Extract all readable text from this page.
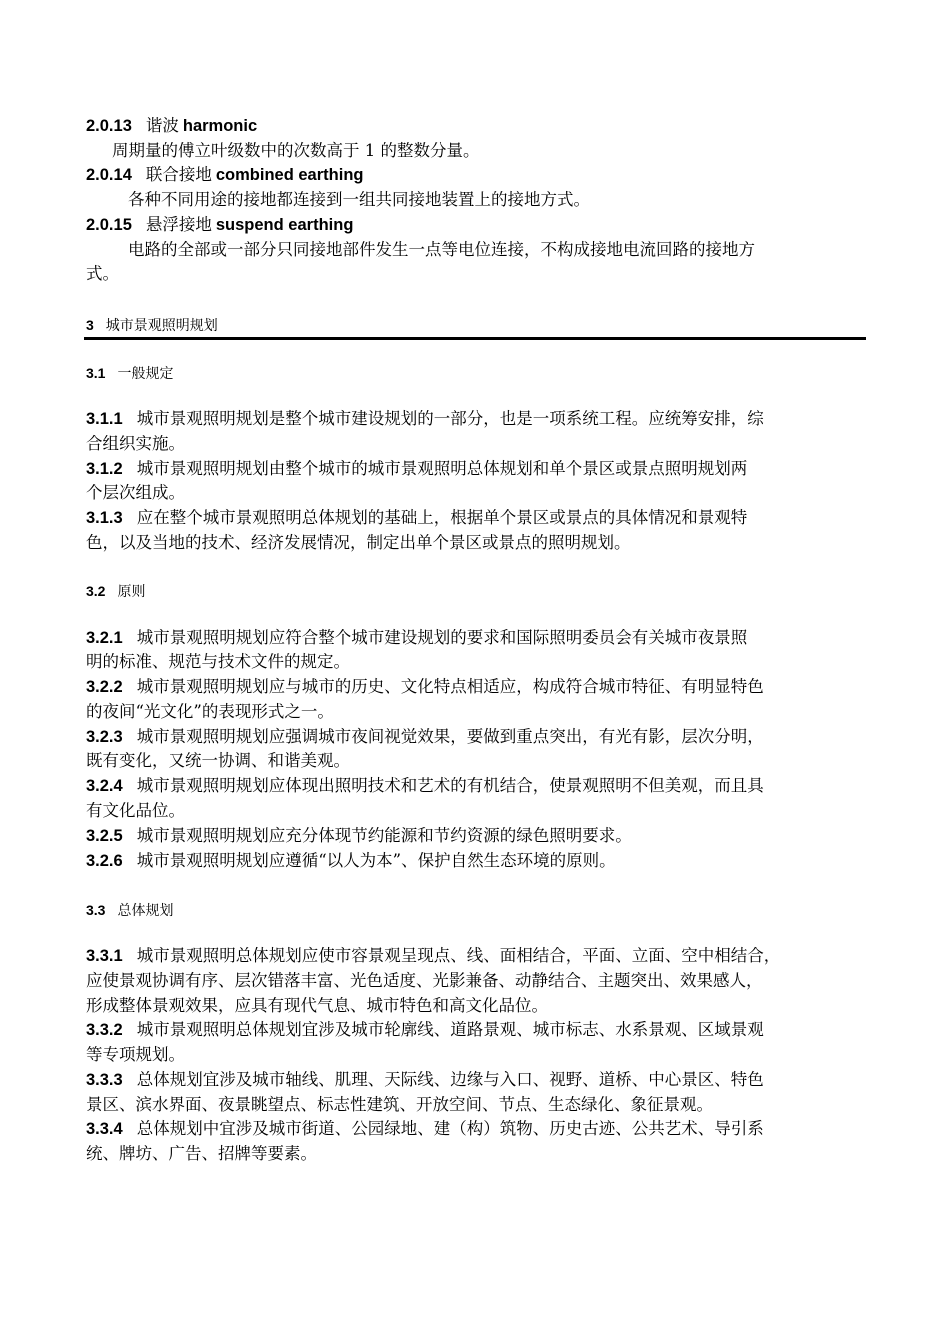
2.0.13 谐波 harmonic
周期量的傅立叶级数中的次数高于 1 的整数分量。
2.0.14 联合接地 combined earthing
各种不同用途的接地都连接到一组共同接地装置上的接地方式。
2.0.15 悬浮接地 suspend earthing
电路的全部或一部分只同接地部件发生一点等电位连接，不构成接地电流回路的接地方
式。
3 城市景观照明规划
3.1 一般规定
3.1.1 城市景观照明规划是整个城市建设规划的一部分，也是一项系统工程。应统筹安排，综
合组织实施。
3.1.2 城市景观照明规划由整个城市的城市景观照明总体规划和单个景区或景点照明规划两
个层次组成。
3.1.3 应在整个城市景观照明总体规划的基础上，根据单个景区或景点的具体情况和景观特
色，以及当地的技术、经济发展情况，制定出单个景区或景点的照明规划。
3.2 原则
3.2.1 城市景观照明规划应符合整个城市建设规划的要求和国际照明委员会有关城市夜景照
明的标准、规范与技术文件的规定。
3.2.2 城市景观照明规划应与城市的历史、文化特点相适应，构成符合城市特征、有明显特色
的夜间“光文化”的表现形式之一。
3.2.3 城市景观照明规划应强调城市夜间视觉效果，要做到重点突出，有光有影，层次分明，
既有变化，又统一协调、和谐美观。
3.2.4 城市景观照明规划应体现出照明技术和艺术的有机结合，使景观照明不但美观，而且具
有文化品位。
3.2.5 城市景观照明规划应充分体现节约能源和节约资源的绿色照明要求。
3.2.6 城市景观照明规划应遵循“以人为本”、保护自然生态环境的原则。
3.3 总体规划
3.3.1 城市景观照明总体规划应使市容景观呈现点、线、面相结合，平面、立面、空中相结合，
应使景观协调有序、层次错落丰富、光色适度、光影兼备、动静结合、主题突出、效果感人，
形成整体景观效果，应具有现代气息、城市特色和高文化品位。
3.3.2 城市景观照明总体规划宜涉及城市轮廓线、道路景观、城市标志、水系景观、区域景观
等专项规划。
3.3.3 总体规划宜涉及城市轴线、肌理、天际线、边缘与入口、视野、道桥、中心景区、特色
景区、滨水界面、夜景眺望点、标志性建筑、开放空间、节点、生态绿化、象征景观。
3.3.4 总体规划中宜涉及城市街道、公园绿地、建（构）筑物、历史古迹、公共艺术、导引系
统、牌坊、广告、招牌等要素。
